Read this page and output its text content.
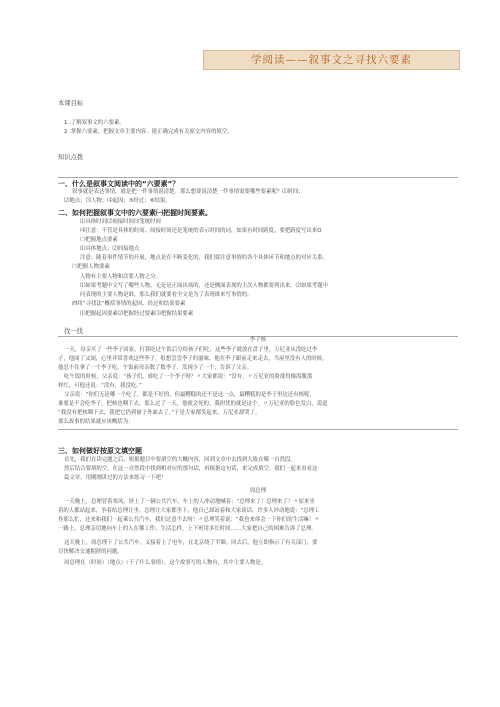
学阅读——叙事文之寻找六要素
本课目标
1 .了解叙事文的六要素。
2 .掌握六要素，把握文章主要内容，能正确完成有关原文内容的填空。
知识点拨
一、什么是叙事文阅读中的“六要素”？
叙事就是表达事情，就是把一件事情说清楚。那么想要说清楚一件事情需要哪些要素呢？⑴时间；
⑵地点；⑶人物；⑷起因；⑤经过；⑥结果。
二、如何把握叙事文中的六要素㈠把握时间要素。
⑴具体时间⑵间接时间⑶笼统时间
⑷注意：不管是具体的时间、间接时间还是笼统的表示时间的词，如果有时间跨度，要把跨度写出来O
㈡把握地点要素
⑴具体地点；⑵间接地点
注意：随着事件情节的开展，地点是在不断变化的，我们要注意事情的各个具体环节和地点的对应关系。
㈢把握人物要素
人物有主要人物和次要人物之分。
⑴如果考题中文写了哪些人物，无论是正面出场的，还是侧面表现的主次人物都要列出来。⑵如果考题中
问表现的主要人物是谁，那么我们就要看全文是为了表现谁来写事情的。
㈣用“寻找法”概括事情的起因、经过和结果要素
⑴把握起因要素⑵把握经过要素⑶把握结果要素
找一找
李子核
一天，母亲买了一些李子回家，打算吃过午饭后分给孩子们吃，这些李子就放在盘子里。万尼亚从没吃过李
子，他闻了又闻，心里非常喜欢这些李子，很想尝尝李子的滋味。他在李子跟前走来走去，当屋里没有人的时候，
他忍不住拿了一个李子吃。午饭前母亲数了数李子，发现少了一个，告诉了父亲。
吃午饭的时候，父亲说：“孩子们，谁吃了一个李子呀？〃大家都说：“没有。〃万尼亚的脸涨得像海腹那
样红，可他还说：“没有，我没吃。”
父亲说：“你们无论哪一个吃了，都是不好的。但最糟糕的还不是这一点，最糟糕的是李子里边还有核呢，
谁要是不会吃李子，把核也咽下去，那么过了一天，他就会死的。我担忧的就是这个。〃万尼亚的脸色发白，说道
“我没有把核咽下去，我把它扔到窗子外面去了。”于是大家都笑起来，万尼亚却哭了。
那么故事的结果就应该概括为：
三、如何做好按原文填空题
首先，我们在读完题之后，根据题目中要填空的大概内容，回到文章中去找到大致在哪一自然段。
然后结合要填的空，在这一自然段中找到相对应的那句话，再根据这句话，来完成填空。我们一起来看看这
篇文章，用刚刚讲过的方法来练习一下吧！
周总理
一天晚上，总理冒着寒风，挤上了一辆公共汽车，车上的人冲动地喊着：“总理来了！总理来了！〃原来坐
着的人都站起来，争着给总理让坐。总理让大家都坐下，他自己却站着和大家谈话。许多人冲动地说：“总理工
作那么忙，还来和我们一起乘公共汽车，我们过意不去呀！〃总理笑着说：“我也来体会一下你们的生活嘛！〃
一路上，总理亲切地向车上的人在哪工作、生活怎样，上下班用多长时间……大家把自己的困难告诉了总理。
这天晚上，周总理下了公共汽车，又接着上了电车，在北京绕了半圈。回去后，他立即指示了有关部门，要
尽快解决交通拥挤的问题。
周总理在（时间）（地点）（干了什么事情）。这个故事写的人物有，其中主要人物是。
